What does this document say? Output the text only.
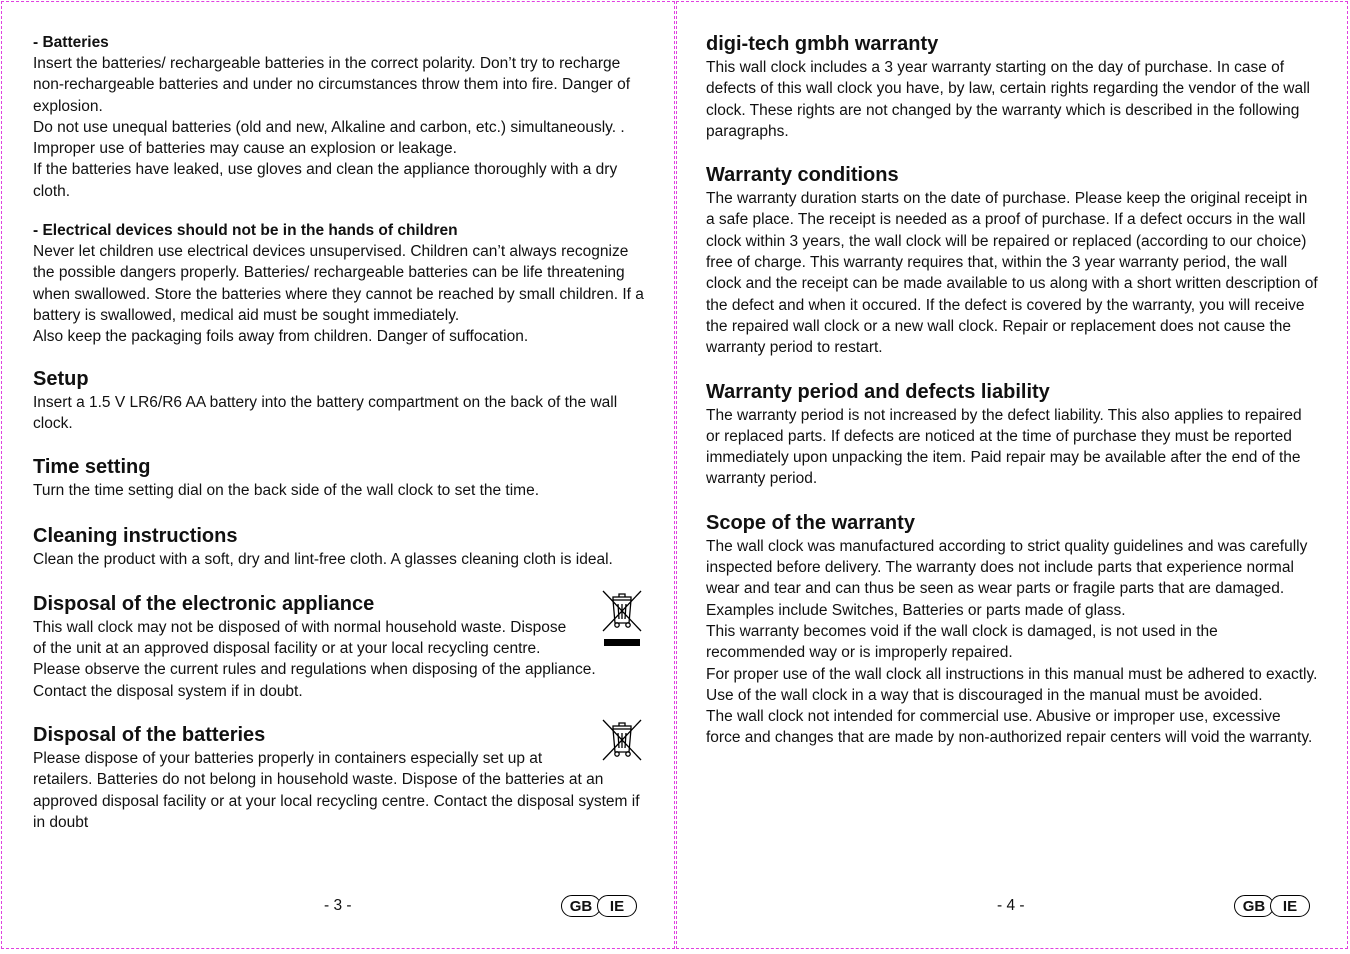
- Batteries

Insert the batteries/ rechargeable batteries in the correct polarity. Don’t try to recharge non-rechargeable batteries and under no circumstances throw them into fire. Danger of explosion.

Do not use unequal batteries (old and new, Alkaline and carbon, etc.) simultaneously. . Improper use of batteries may cause an explosion or leakage.

If the batteries have leaked, use gloves and clean the appliance thoroughly with a dry cloth.

- Electrical devices should not be in the hands of children

Never let children use electrical devices unsupervised. Children can’t always recognize the possible dangers properly. Batteries/ rechargeable batteries can be life threatening when swallowed. Store the batteries where they cannot be reached by small children. If a battery is swallowed, medical aid must be sought immediately.

Also keep the packaging foils away from children. Danger of suffocation.

Setup

Insert a 1.5 V LR6/R6 AA battery into the battery compartment on the back of the wall clock.

Time setting

Turn the time setting dial on the back side of the wall clock to set the time.

Cleaning instructions

Clean the product with a soft, dry and lint-free cloth. A glasses cleaning cloth is ideal.

Disposal of the electronic appliance

This wall clock may not be disposed of with normal household waste. Dispose

of the unit at an approved disposal facility or at your local recycling centre.

Please observe the current rules and regulations when disposing of the appliance.

Contact the disposal system if in doubt.

Disposal of the batteries

Please dispose of your batteries properly in containers especially set up at

retailers. Batteries do not belong in household waste. Dispose of the batteries at an approved disposal facility or at your local recycling centre. Contact the disposal system if in doubt

- 3 -	GB	IE
digi-tech gmbh warranty

This wall clock includes a 3 year warranty starting on the day of purchase. In case of defects of this wall clock you have, by law, certain rights regarding the vendor of the wall clock. These rights are not changed by the warranty which is described in the following paragraphs.

Warranty conditions

The warranty duration starts on the date of purchase. Please keep the original receipt in a safe place. The receipt is needed as a proof of purchase. If a defect occurs in the wall clock within 3 years, the wall clock will be repaired or replaced (according to our choice) free of charge. This warranty requires that, within the 3 year warranty period, the wall clock and the receipt can be made available to us along with a short written description of the defect and when it occured. If the defect is covered by the warranty, you will receive the repaired wall clock or a new wall clock. Repair or replacement does not cause the warranty period to restart.

Warranty period and defects liability

The warranty period is not increased by the defect liability. This also applies to repaired or replaced parts. If defects are noticed at the time of purchase they must be reported immediately upon unpacking the item. Paid repair may be available after the end of the warranty period.

Scope of the warranty

The wall clock was manufactured according to strict quality guidelines and was carefully inspected before delivery. The warranty does not include parts that experience normal wear and tear and can thus be seen as wear parts or fragile parts that are damaged. Examples include Switches, Batteries or parts made of glass.

This warranty becomes void if the wall clock is damaged, is not used in the recommended way or is improperly repaired.

For proper use of the wall clock all instructions in this manual must be adhered to exactly. Use of the wall clock in a way that is discouraged in the manual must be avoided.

The wall clock not intended for commercial use. Abusive or improper use, excessive force and changes that are made by non-authorized repair centers will void the warranty.

- 4 -	GB	IE
